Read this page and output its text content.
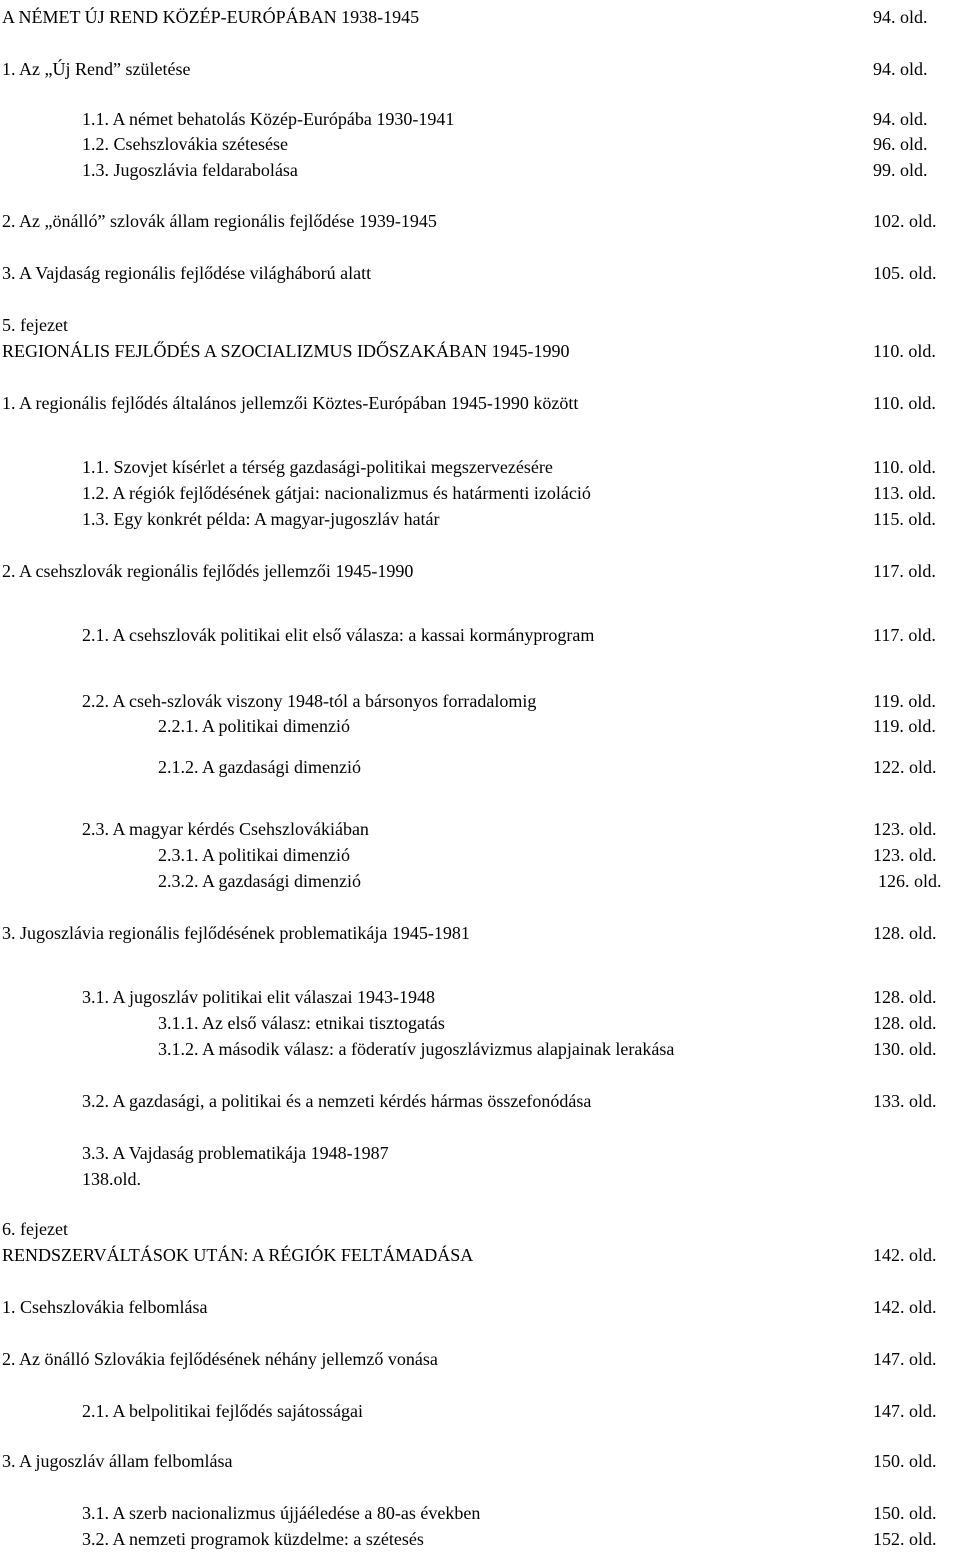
A NÉMET ÚJ REND KÖZÉP-EURÓPÁBAN 1938-1945	94. old.
1. Az „Új Rend” születése	94. old.
1.1. A német behatolás Közép-Európába 1930-1941	94. old.
1.2. Csehszlovákia szétesése	96. old.
1.3. Jugoszlávia feldarabolása	99. old.
2. Az „önálló” szlovák állam regionális fejlődése 1939-1945	102. old.
3. A Vajdaság regionális fejlődése világháború alatt	105. old.
5. fejezet
REGIONÁLIS FEJLŐDÉS A SZOCIALIZMUS IDŐSZAKÁBAN 1945-1990	110. old.
1. A regionális fejlődés általános jellemzői Köztes-Európában 1945-1990 között	110. old.
1.1. Szovjet kísérlet a térség gazdasági-politikai megszervezésére	110. old.
1.2. A régiók fejlődésének gátjai: nacionalizmus és határmenti izoláció	113. old.
1.3. Egy konkrét példa: A magyar-jugoszláv határ	115. old.
2. A csehszlovák regionális fejlődés jellemzői 1945-1990	117. old.
2.1. A csehszlovák politikai elit első válasza: a kassai kormányprogram	117. old.
2.2. A cseh-szlovák viszony 1948-tól a bársonyos forradalomig	119. old.
2.2.1. A politikai dimenzió	119. old.
2.1.2. A gazdasági dimenzió	122. old.
2.3. A magyar kérdés Csehszlovákiában	123. old.
2.3.1. A politikai dimenzió	123. old.
2.3.2. A gazdasági dimenzió	126. old.
3. Jugoszlávia regionális fejlődésének problematikája 1945-1981	128. old.
3.1. A jugoszláv politikai elit válaszai 1943-1948	128. old.
3.1.1. Az első válasz: etnikai tisztogatás	128. old.
3.1.2. A második válasz: a föderatív jugoszlávizmus alapjainak lerakása	130. old.
3.2. A gazdasági, a politikai és a nemzeti kérdés hármas összefonódása	133. old.
3.3. A Vajdaság problematikája 1948-1987
138.old.
6. fejezet
RENDSZERVÁLTÁSOK UTÁN: A RÉGIÓK FELTÁMADÁSA	142. old.
1. Csehszlovákia felbomlása	142. old.
2. Az önálló Szlovákia fejlődésének néhány jellemző vonása	147. old.
2.1. A belpolitikai fejlődés sajátosságai	147. old.
3. A jugoszláv állam felbomlása	150. old.
3.1. A szerb nacionalizmus újjáéledése a 80-as években	150. old.
3.2. A nemzeti programok küzdelme: a szétesés	152. old.
